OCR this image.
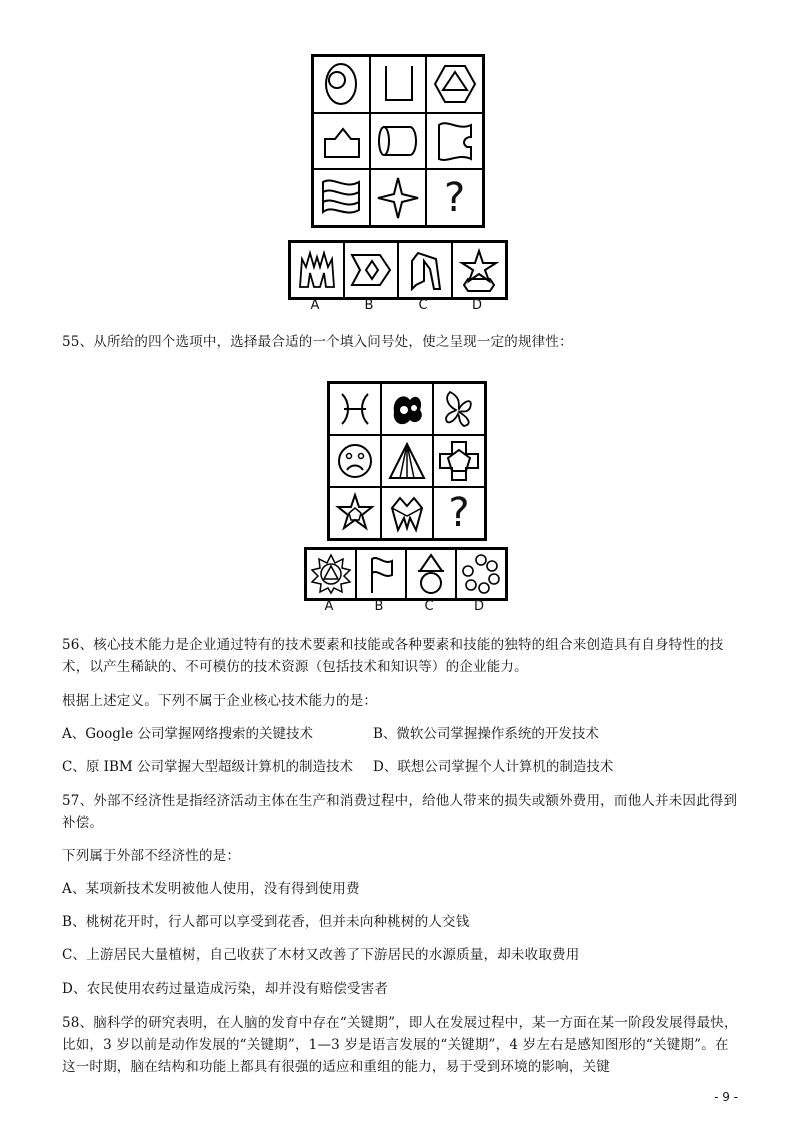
?
A	B	C	D
55、从所给的四个选项中，选择最合适的一个填入问号处，使之呈现一定的规律性：
?
A	B	C	D
56、核心技术能力是企业通过特有的技术要素和技能或各种要素和技能的独特的组合来创造具有自身特性的技术，以产生稀缺的、不可模仿的技术资源（包括技术和知识等）的企业能力。
根据上述定义。下列不属于企业核心技术能力的是：
A、Google 公司掌握网络搜索的关键技术	B、微软公司掌握操作系统的开发技术
C、原 IBM 公司掌握大型超级计算机的制造技术 D、联想公司掌握个人计算机的制造技术
57、外部不经济性是指经济活动主体在生产和消费过程中，给他人带来的损失或额外费用，而他人并未因此得到补偿。
下列属于外部不经济性的是：
A、某项新技术发明被他人使用，没有得到使用费
B、桃树花开时，行人都可以享受到花香，但并未向种桃树的人交钱
C、上游居民大量植树，自己收获了木材又改善了下游居民的水源质量，却未收取费用
D、农民使用农药过量造成污染，却并没有赔偿受害者
58、脑科学的研究表明，在人脑的发育中存在“关键期”，即人在发展过程中，某一方面在某一阶段发展得最快，比如，3 岁以前是动作发展的“关键期”，1—3 岁是语言发展的“关键期”，4 岁左右是感知图形的“关键期”。在这一时期，脑在结构和功能上都具有很强的适应和重组的能力，易于受到环境的影响，关键
- 9 -
